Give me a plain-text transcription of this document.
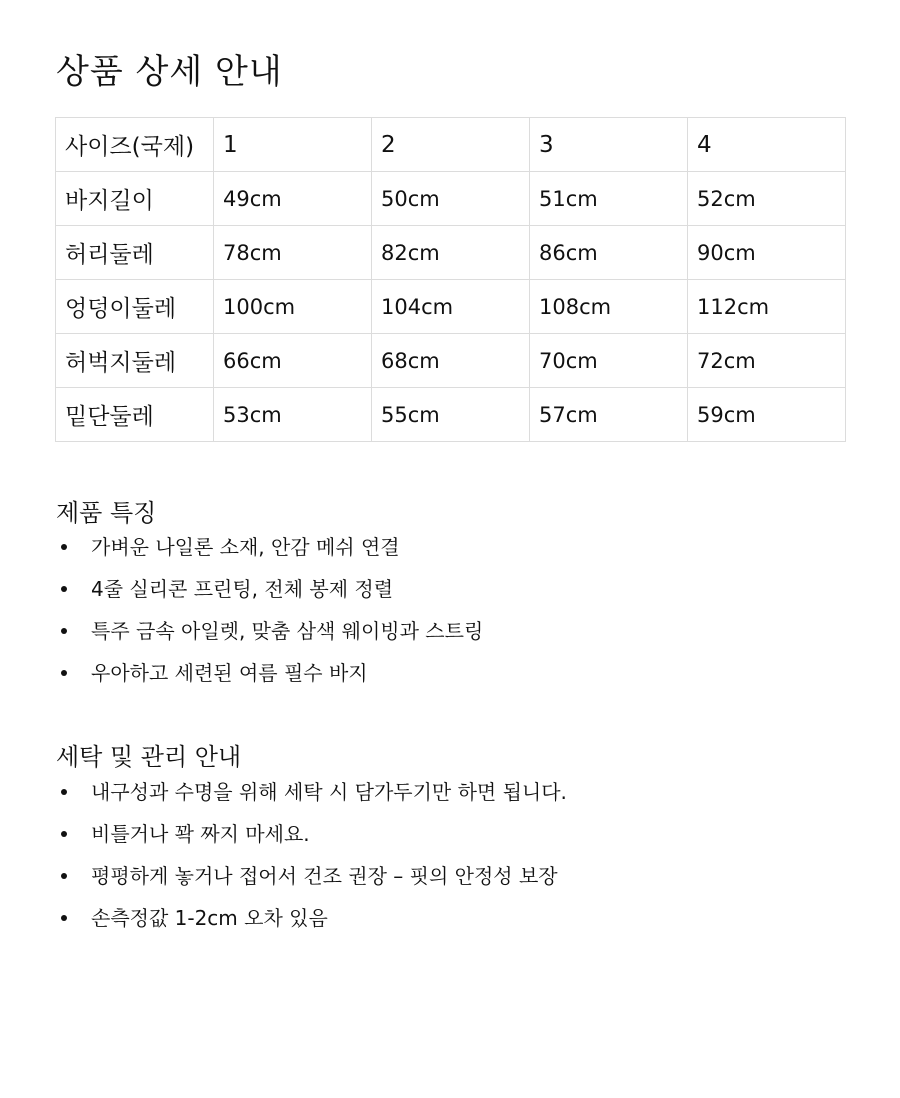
상품 상세 안내
사이즈(국제)	1	2	3	4
바지길이	49cm	50cm	51cm	52cm
허리둘레	78cm	82cm	86cm	90cm
엉덩이둘레	100cm	104cm	108cm	112cm
허벅지둘레	66cm	68cm	70cm	72cm
밑단둘레	53cm	55cm	57cm	59cm
제품 특징
가벼운 나일론 소재, 안감 메쉬 연결
4줄 실리콘 프린팅, 전체 봉제 정렬
특주 금속 아일렛, 맞춤 삼색 웨이빙과 스트링
우아하고 세련된 여름 필수 바지
세탁 및 관리 안내
내구성과 수명을 위해 세탁 시 담가두기만 하면 됩니다.
비틀거나 꽉 짜지 마세요.
평평하게 놓거나 접어서 건조 권장 – 핏의 안정성 보장
손측정값 1-2cm 오차 있음
